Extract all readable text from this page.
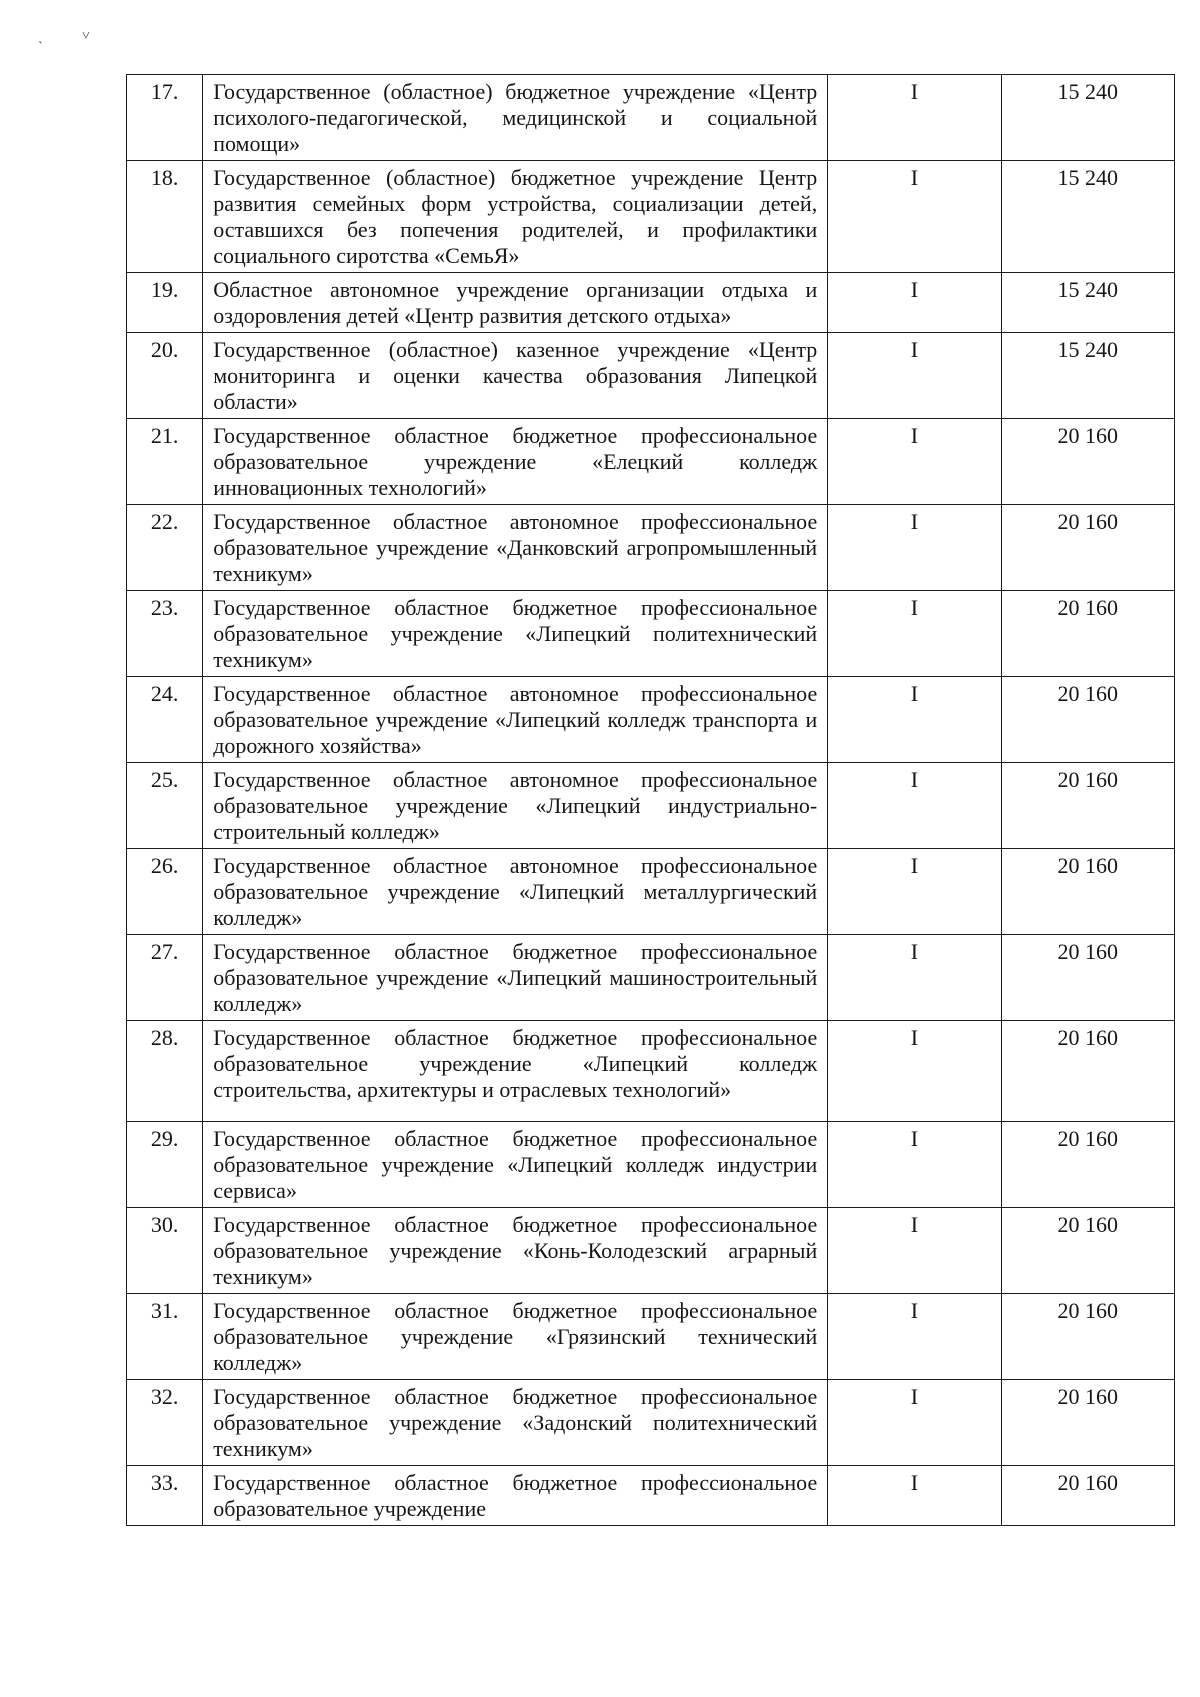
˴	˅
17.	Государственное (областное) бюджетное учреждение «Центр психолого-педагогической, медицинской и социальной помощи»	I	15 240
18.	Государственное (областное) бюджетное учреждение Центр развития семейных форм устройства, социализации детей, оставшихся без попечения родителей, и профилактики социального сиротства «СемьЯ»	I	15 240
19.	Областное автономное учреждение организации отдыха и оздоровления детей «Центр развития детского отдыха»	I	15 240
20.	Государственное (областное) казенное учреждение «Центр мониторинга и оценки качества образования Липецкой области»	I	15 240
21.	Государственное областное бюджетное профессиональное образовательное учреждение «Елецкий колледж инновационных технологий»	I	20 160
22.	Государственное областное автономное профессиональное образовательное учреждение «Данковский агропромышленный техникум»	I	20 160
23.	Государственное областное бюджетное профессиональное образовательное учреждение «Липецкий политехнический техникум»	I	20 160
24.	Государственное областное автономное профессиональное образовательное учреждение «Липецкий колледж транспорта и дорожного хозяйства»	I	20 160
25.	Государственное областное автономное профессиональное образовательное учреждение «Липецкий индустриально-строительный колледж»	I	20 160
26.	Государственное областное автономное профессиональное образовательное учреждение «Липецкий металлургический колледж»	I	20 160
27.	Государственное областное бюджетное профессиональное образовательное учреждение «Липецкий машиностроительный колледж»	I	20 160
28.	Государственное областное бюджетное профессиональное образовательное учреждение «Липецкий колледж строительства, архитектуры и отраслевых технологий»	I	20 160
29.	Государственное областное бюджетное профессиональное образовательное учреждение «Липецкий колледж индустрии сервиса»	I	20 160
30.	Государственное областное бюджетное профессиональное образовательное учреждение «Конь-Колодезский аграрный техникум»	I	20 160
31.	Государственное областное бюджетное профессиональное образовательное учреждение «Грязинский технический колледж»	I	20 160
32.	Государственное областное бюджетное профессиональное образовательное учреждение «Задонский политехнический техникум»	I	20 160
33.	Государственное областное бюджетное профессиональное образовательное учреждение	I	20 160
